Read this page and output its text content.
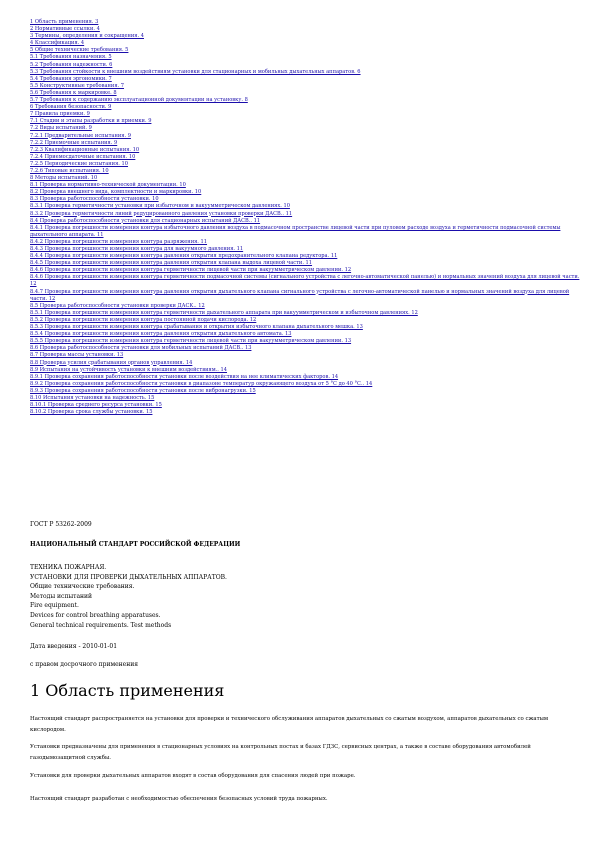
1 Область применения. 3
2 Нормативные ссылки. 4
3 Термины, определения и сокращения. 4
4 Классификация. 4
5 Общие технические требования. 5
5.1 Требования назначения. 5
5.2 Требования надежности. 6
5.3 Требования стойкости к внешним воздействиям установки для стационарных и мобильных дыхательных аппаратов. 6
5.4 Требования эргономики. 7
5.5 Конструктивные требования. 7
5.6 Требования к маркировке. 8
5.7 Требования к содержанию эксплуатационной документации на установку. 8
6 Требования безопасности. 9
7 Правила приемки. 9
7.1 Стадии и этапы разработки и приемки. 9
7.2 Виды испытаний. 9
7.2.1 Предварительные испытания. 9
7.2.2 Приемочные испытания. 9
7.2.3 Квалификационные испытания. 10
7.2.4 Приемосдаточные испытания. 10
7.2.5 Периодические испытания. 10
7.2.6 Типовые испытания. 10
8 Методы испытаний. 10
8.1 Проверка нормативно-технической документации. 10
8.2 Проверка внешнего вида, комплектности и маркировки. 10
8.3 Проверка работоспособности установки. 10
8.3.1 Проверка герметичности установки при избыточном и вакуумметрическом давлениях. 10
8.3.2 Проверка герметичности линий редуцированного давления установки проверки ДАСВ.. 11
8.4 Проверка работоспособности установки для стационарных испытаний ДАСВ.. 11
8.4.1 Проверка погрешности измерения контура избыточного давления воздуха в подмасочном пространстве лицевой части при пуловом расходе воздуха и герметичности подмасочной системы дыхательного аппарата. 11
8.4.2 Проверка погрешности измерения контура разряжения. 11
8.4.3 Проверка погрешности измерения контура для вакуумного давления. 11
8.4.4 Проверка погрешности измерения контура давления открытия предохранительного клапана редуктора. 11
8.4.5 Проверка погрешности измерения контура давления открытия клапана выдоха лицевой части. 11
8.4.6 Проверка погрешности измерения контура герметичности лицевой части при вакуумметрическом давлении. 12
8.4.6 Проверка погрешности измерения контура герметичности подмасочной системы (сигнального устройства с легочно-автоматической панелью) и нормальных значений воздуха для лицевой части. 12
8.4.7 Проверка погрешности измерения контура давления открытия дыхательного клапана сигнального устройства с легочно-автоматической панелью и нормальных значений воздуха для лицевой части. 12
8.5 Проверка работоспособности установки проверки ДАСК.. 12
8.5.1 Проверка погрешности измерения контура герметичности дыхательного аппарата при вакуумметрическом и избыточном давлениях. 12
8.5.2 Проверка погрешности измерения контура постоянной подачи кислорода. 12
8.5.3 Проверка погрешности измерения контура срабатывания и открытия избыточного клапана дыхательного мешка. 13
8.5.4 Проверка погрешности измерения контура давления открытия дыхательного автомата. 13
8.5.5 Проверка погрешности измерения контура герметичности лицевой части при вакуумметрическом давлении. 13
8.6 Проверка работоспособности установки для мобильных испытаний ДАСВ.. 13
8.7 Проверка массы установки. 13
8.8 Проверка усилия срабатывания органов управления. 14
8.9 Испытания на устойчивость установки к внешним воздействиям.. 14
8.9.1 Проверка сохранения работоспособности установки после воздействия на нее климатических факторов. 14
8.9.2 Проверка сохранения работоспособности установки в диапазоне температур окружающего воздуха от 5 °С до 40 °С.. 14
8.9.3 Проверка сохранения работоспособности установки после вибронагрузки. 15
8.10 Испытания установки на надежность. 15
8.10.1 Проверка среднего ресурса установки. 15
8.10.2 Проверка срока службы установки. 15
ГОСТ Р 53262-2009
НАЦИОНАЛЬНЫЙ СТАНДАРТ РОССИЙСКОЙ ФЕДЕРАЦИИ
ТЕХНИКА ПОЖАРНАЯ.
УСТАНОВКИ ДЛЯ ПРОВЕРКИ ДЫХАТЕЛЬНЫХ АППАРАТОВ.
Общие технические требования.
Методы испытаний
Fire equipment.
Devices for control breathing apparatuses.
General technical requirements. Test methods
Дата введения - 2010-01-01
с правом досрочного применения
1 Область применения
Настоящий стандарт распространяется на установки для проверки и технического обслуживания аппаратов дыхательных со сжатым воздухом, аппаратов дыхательных со сжатым кислородом.
Установки предназначены для применения в стационарных условиях на контрольных постах и базах ГДЗС, сервисных центрах, а также в составе оборудования автомобилей газодымозащитной службы.
Установки для проверки дыхательных аппаратов входят в состав оборудования для спасения людей при пожаре.
Настоящий стандарт разработан с необходимостью обеспечения безопасных условий труда пожарных.
